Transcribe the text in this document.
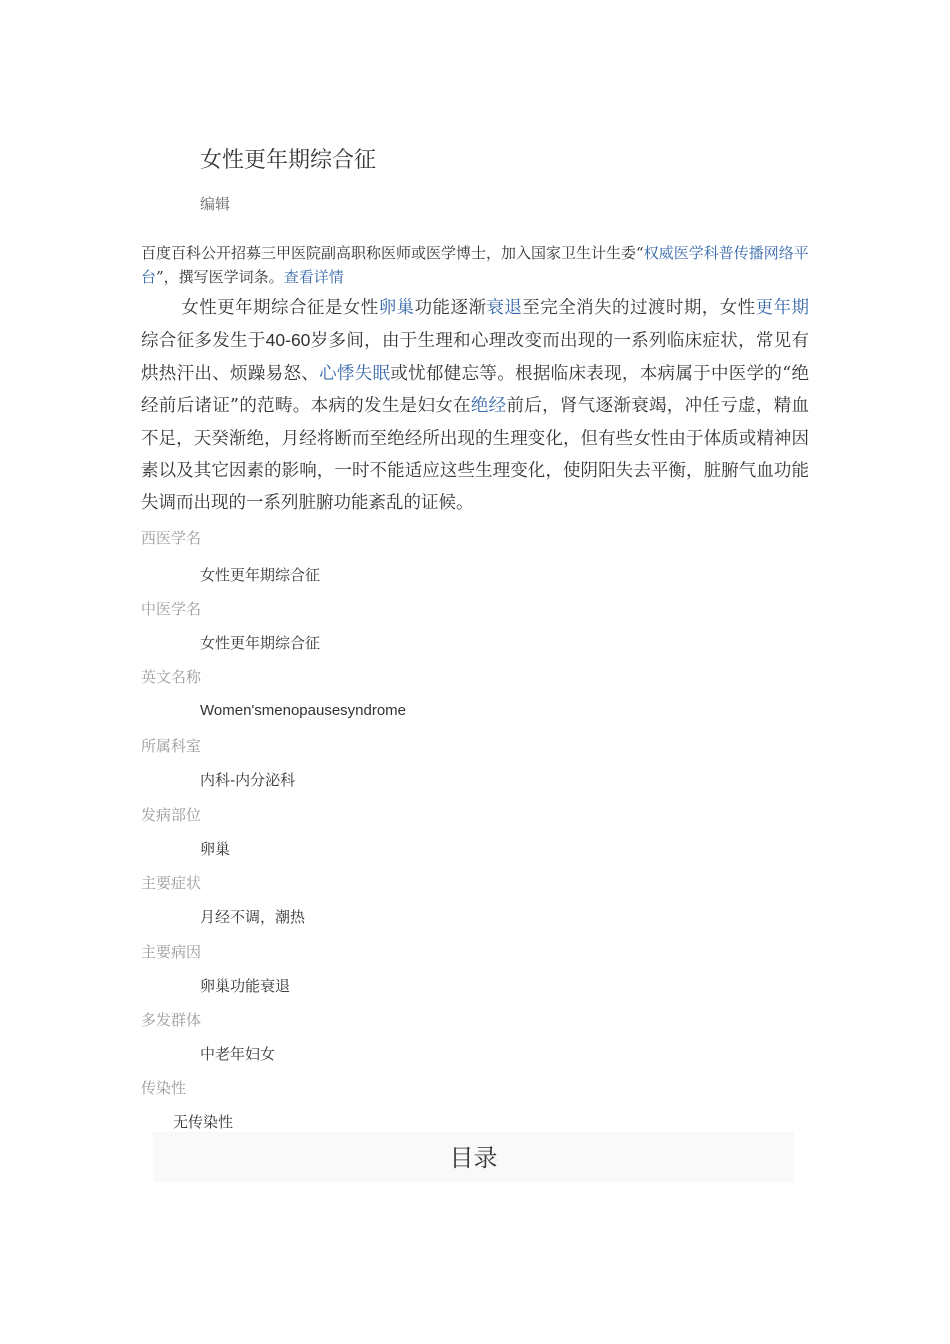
女性更年期综合征
编辑
百度百科公开招募三甲医院副高职称医师或医学博士，加入国家卫生计生委“权威医学科普传播网络平台”，撰写医学词条。查看详情
女性更年期综合征是女性卵巢功能逐渐衰退至完全消失的过渡时期，女性更年期综合征多发生于40-60岁多间，由于生理和心理改变而出现的一系列临床症状，常见有烘热汗出、烦躁易怒、心悸失眠或忧郁健忘等。根据临床表现，本病属于中医学的“绝经前后诸证”的范畴。本病的发生是妇女在绝经前后，肾气逐渐衰竭，冲任亏虚，精血不足，天癸渐绝，月经将断而至绝经所出现的生理变化，但有些女性由于体质或精神因素以及其它因素的影响，一时不能适应这些生理变化，使阴阳失去平衡，脏腑气血功能失调而出现的一系列脏腑功能紊乱的证候。
西医学名
女性更年期综合征
中医学名
女性更年期综合征
英文名称
Women'smenopausesyndrome
所属科室
内科-内分泌科
发病部位
卵巢
主要症状
月经不调，潮热
主要病因
卵巢功能衰退
多发群体
中老年妇女
传染性
无传染性
目录
